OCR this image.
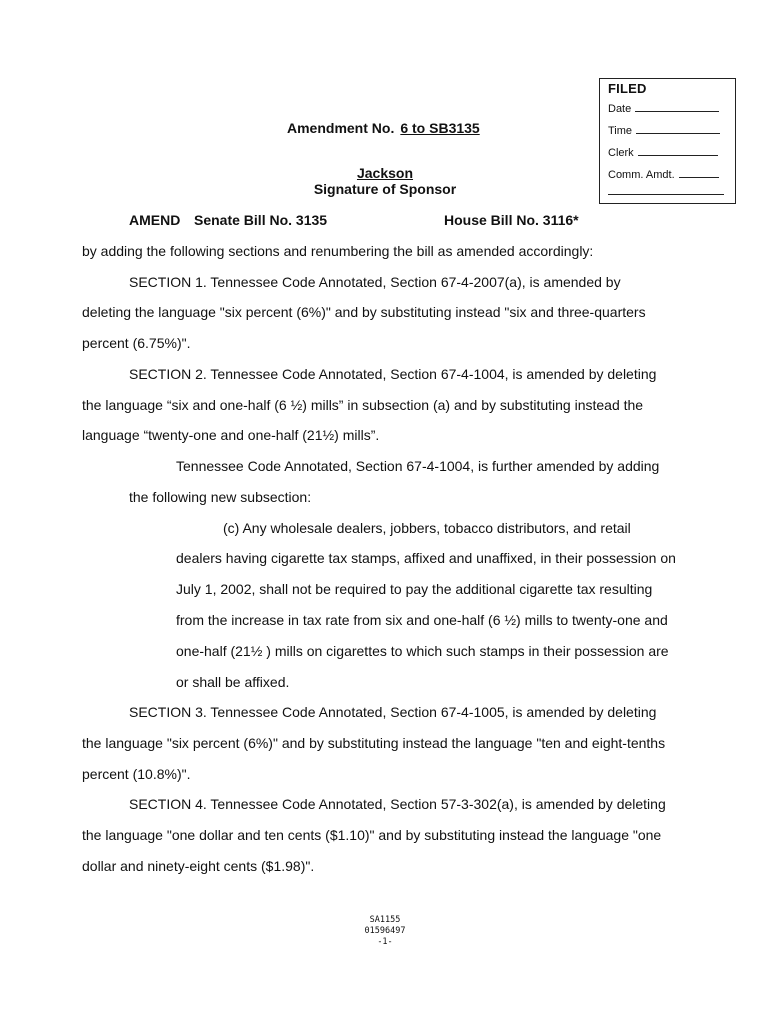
FILED
Date
Time
Clerk
Comm. Amdt.
Amendment No. 6 to SB3135
Jackson
Signature of Sponsor
AMEND Senate Bill No. 3135	House Bill No. 3116*
by adding the following sections and renumbering the bill as amended accordingly:
SECTION 1. Tennessee Code Annotated, Section 67-4-2007(a), is amended by
deleting the language "six percent (6%)" and by substituting instead "six and three-quarters
percent (6.75%)".
SECTION 2. Tennessee Code Annotated, Section 67-4-1004, is amended by deleting
the language “six and one-half (6 ½) mills” in subsection (a) and by substituting instead the
language “twenty-one and one-half (21½) mills”.
Tennessee Code Annotated, Section 67-4-1004, is further amended by adding
the following new subsection:
(c) Any wholesale dealers, jobbers, tobacco distributors, and retail
dealers having cigarette tax stamps, affixed and unaffixed, in their possession on
July 1, 2002, shall not be required to pay the additional cigarette tax resulting
from the increase in tax rate from six and one-half (6 ½) mills to twenty-one and
one-half (21½ ) mills on cigarettes to which such stamps in their possession are
or shall be affixed.
SECTION 3. Tennessee Code Annotated, Section 67-4-1005, is amended by deleting
the language "six percent (6%)" and by substituting instead the language "ten and eight-tenths
percent (10.8%)".
SECTION 4. Tennessee Code Annotated, Section 57-3-302(a), is amended by deleting
the language "one dollar and ten cents ($1.10)" and by substituting instead the language "one
dollar and ninety-eight cents ($1.98)".
SA1155
01596497
-1-
